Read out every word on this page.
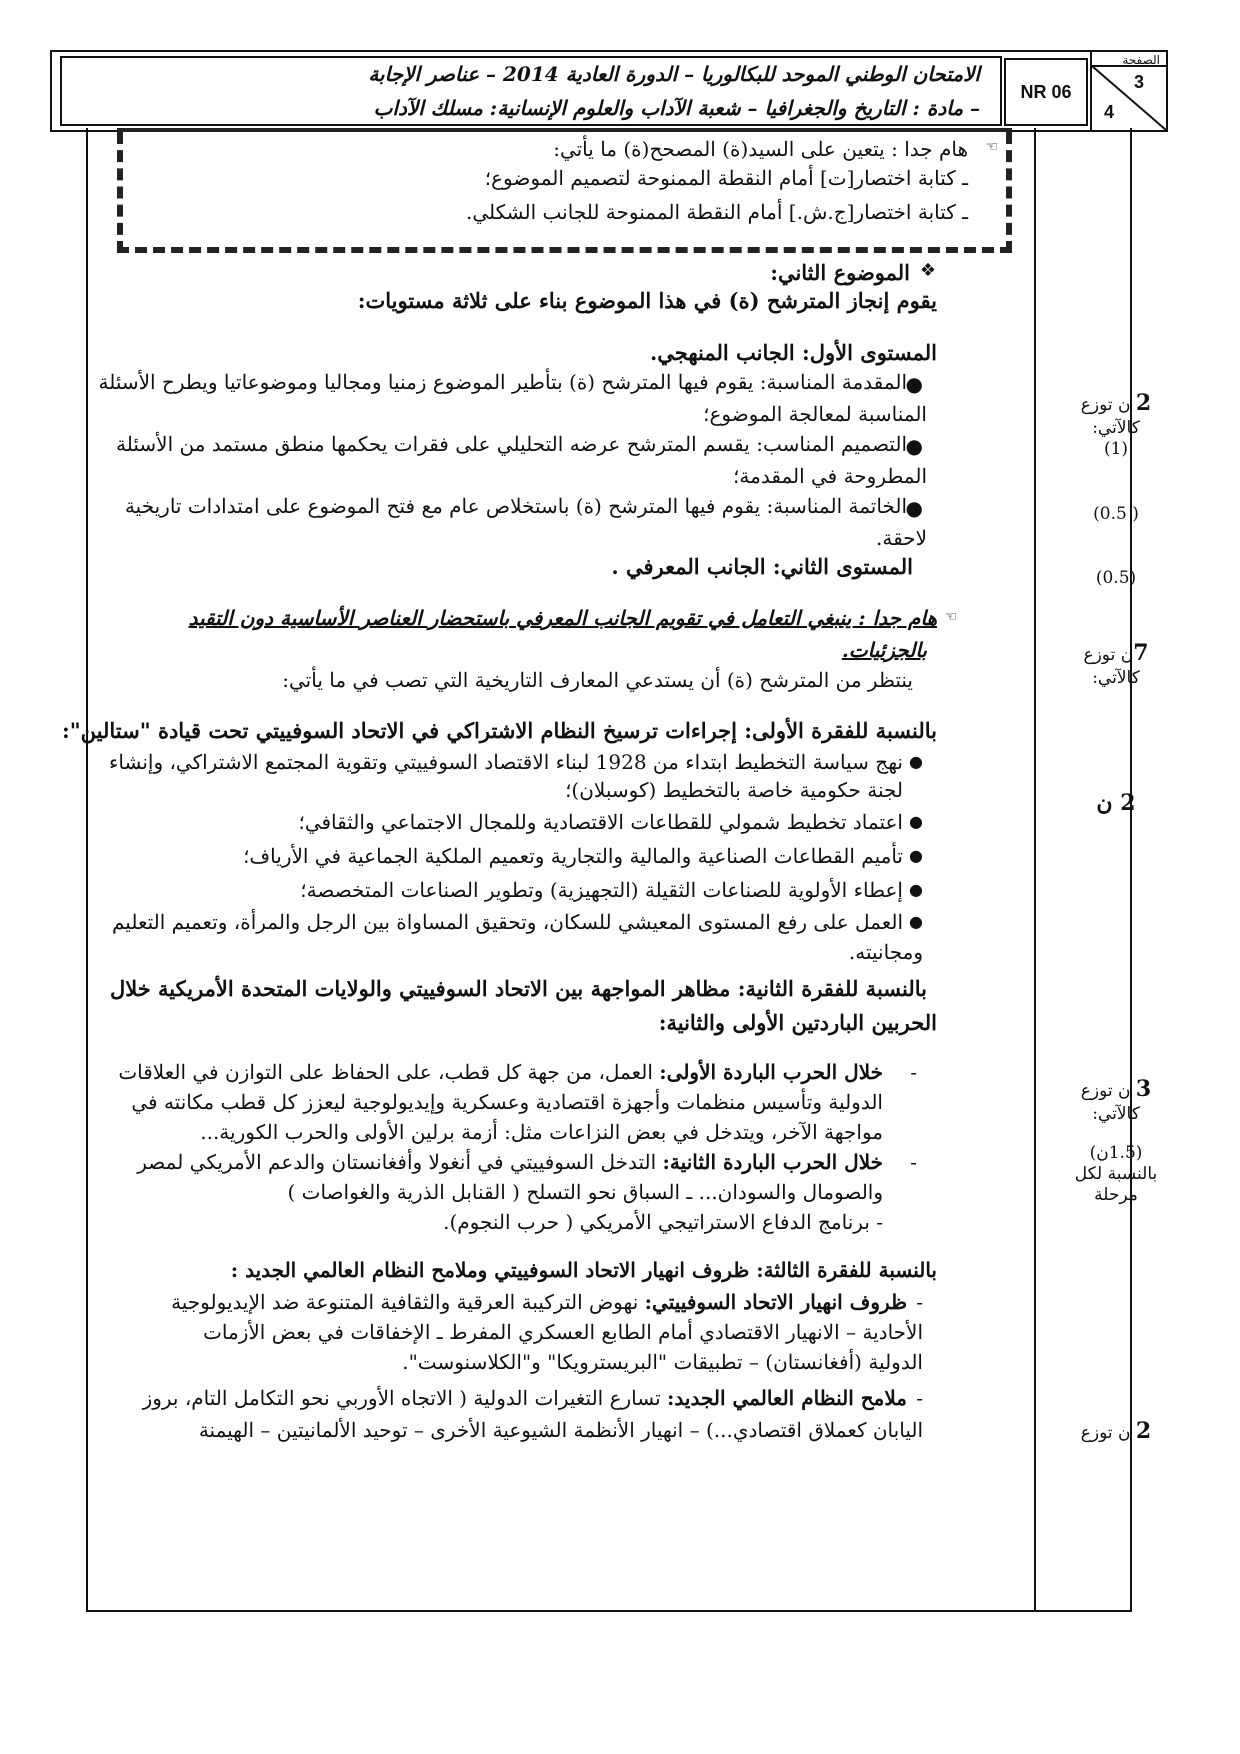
الصفحة
3
4
NR 06
الامتحان الوطني الموحد للبكالوريا – الدورة العادية 2014 – عناصر الإجابة
– مادة : التاريخ والجغرافيا – شعبة الآداب والعلوم الإنسانية: مسلك الآداب
☜
هام جدا : يتعين على السيد(ة) المصحح(ة) ما يأتي:
ـ كتابة اختصار[ت] أمام النقطة الممنوحة لتصميم الموضوع؛
ـ كتابة اختصار[ج.ش.] أمام النقطة الممنوحة للجانب الشكلي.
❖
الموضوع الثاني:
يقوم إنجاز المترشح (ة) في هذا الموضوع بناء على ثلاثة مستويات:
المستوى الأول: الجانب المنهجي.
●
المقدمة المناسبة: يقوم فيها المترشح (ة) بتأطير الموضوع زمنيا ومجاليا وموضوعاتيا ويطرح الأسئلة
المناسبة لمعالجة الموضوع؛
●
التصميم المناسب: يقسم المترشح عرضه التحليلي على فقرات يحكمها منطق مستمد من الأسئلة
المطروحة في المقدمة؛
●
الخاتمة المناسبة: يقوم فيها المترشح (ة) باستخلاص عام مع فتح الموضوع على امتدادات تاريخية
لاحقة.
المستوى الثاني: الجانب المعرفي .
☜
هام جدا : ينبغي التعامل في تقويم الجانب المعرفي باستحضار العناصر الأساسية دون التقيد
بالجزئيات.
ينتظر من المترشح (ة) أن يستدعي المعارف التاريخية التي تصب في ما يأتي:
بالنسبة للفقرة الأولى: إجراءات ترسيخ النظام الاشتراكي في الاتحاد السوفييتي تحت قيادة "ستالين":
●
نهج سياسة التخطيط ابتداء من 1928 لبناء الاقتصاد السوفييتي وتقوية المجتمع الاشتراكي، وإنشاء
لجنة حكومية خاصة بالتخطيط (كوسبلان)؛
●
اعتماد تخطيط شمولي للقطاعات الاقتصادية وللمجال الاجتماعي والثقافي؛
●
تأميم القطاعات الصناعية والمالية والتجارية وتعميم الملكية الجماعية في الأرياف؛
●
إعطاء الأولوية للصناعات الثقيلة (التجهيزية) وتطوير الصناعات المتخصصة؛
●
العمل على رفع المستوى المعيشي للسكان، وتحقيق المساواة بين الرجل والمرأة، وتعميم التعليم
ومجانيته.
بالنسبة للفقرة الثانية: مظاهر المواجهة بين الاتحاد السوفييتي والولايات المتحدة الأمريكية خلال
الحربين الباردتين الأولى والثانية:
-
خلال الحرب الباردة الأولى: العمل، من جهة كل قطب، على الحفاظ على التوازن في العلاقات
الدولية وتأسيس منظمات وأجهزة اقتصادية وعسكرية وإيديولوجية ليعزز كل قطب مكانته في
مواجهة الآخر، ويتدخل في بعض النزاعات مثل: أزمة برلين الأولى والحرب الكورية...
-
خلال الحرب الباردة الثانية: التدخل السوفييتي في أنغولا وأفغانستان والدعم الأمريكي لمصر
والصومال والسودان... ـ السباق نحو التسلح ( القنابل الذرية والغواصات )
- برنامج الدفاع الاستراتيجي الأمريكي ( حرب النجوم).
بالنسبة للفقرة الثالثة: ظروف انهيار الاتحاد السوفييتي وملامح النظام العالمي الجديد :
-
ظروف انهيار الاتحاد السوفييتي: نهوض التركيبة العرقية والثقافية المتنوعة ضد الإيديولوجية
الأحادية – الانهيار الاقتصادي أمام الطابع العسكري المفرط ـ الإخفاقات في بعض الأزمات
الدولية (أفغانستان) – تطبيقات "البريسترويكا" و"الكلاسنوست".
-
ملامح النظام العالمي الجديد: تسارع التغيرات الدولية ( الاتجاه الأوربي نحو التكامل التام، بروز
اليابان كعملاق اقتصادي...) – انهيار الأنظمة الشيوعية الأخرى – توحيد الألمانيتين – الهيمنة
2 ن توزع
كالآتي:
(1)
( 0.5)
(0.5)
7ن توزع
كالآتي:
2 ن
3 ن توزع
كالآتي:
(1.5ن)
بالنسبة لكل
مرحلة
2 ن توزع
